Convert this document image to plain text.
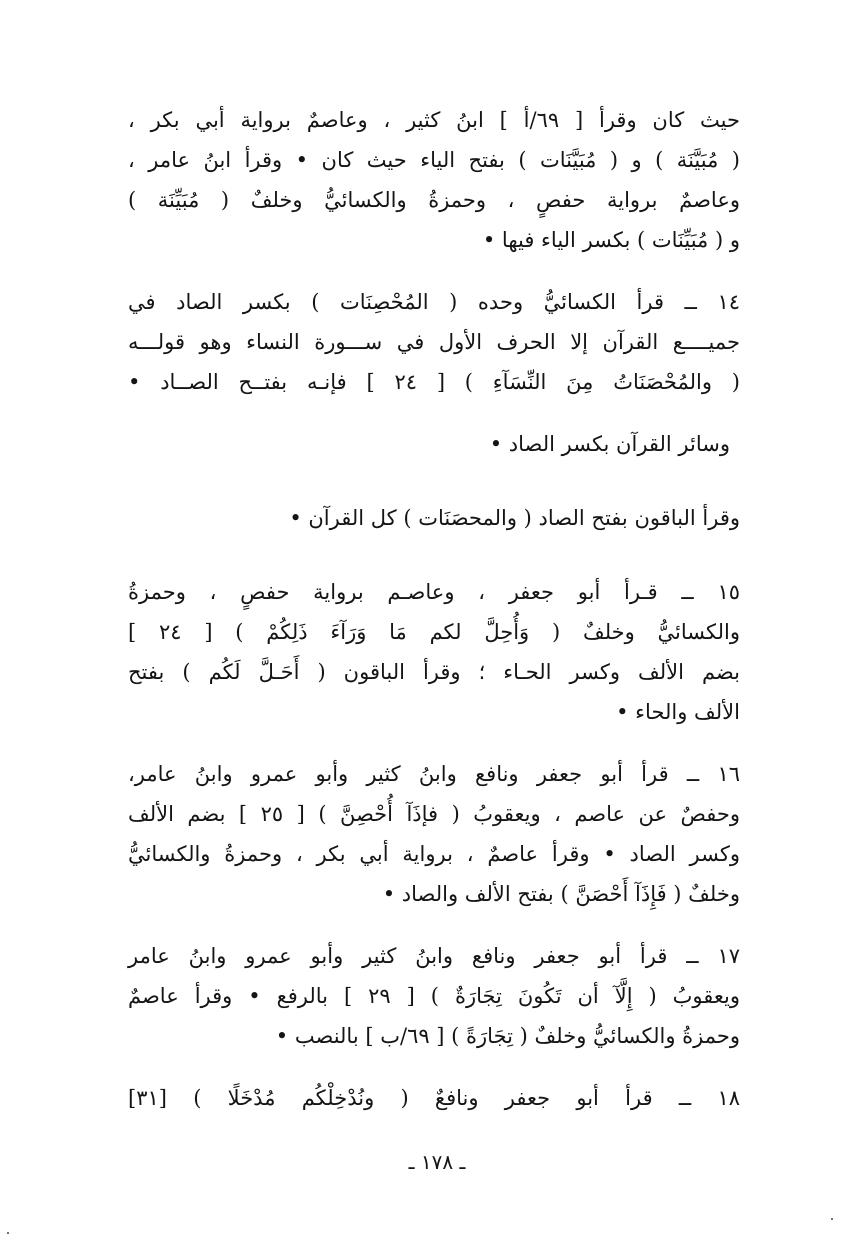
حيث كان وقرأ [ ٦٩/أ ] ابنُ كثير ، وعاصمٌ برواية أبي بكر ،
( مُبَيَّنَة ) و ( مُبَيَّنَات ) بفتح الياء حيث كان • وقرأ ابنُ عامر ،
وعاصمٌ برواية حفصٍ ، وحمزةُ والكسائيُّ وخلفٌ ( مُبَيِّنَة )
و ( مُبَيِّنَات ) بكسر الياء فيها •
١٤ ــ قرأ الكسائيُّ وحده ( المُحْصِنَات ) بكسر الصاد في
جميــــع القرآن إلا الحرف الأول في ســـورة النساء وهو قولـــه
( والمُحْصَنَاتُ مِنَ النِّسَآءِ ) [ ٢٤ ] فإنـه بفتــح الصــاد •
وسائر القرآن بكسر الصاد •
وقرأ الباقون بفتح الصاد ( والمحصَنَات ) كل القرآن •
١٥ ــ قـرأ أبو جعفر ، وعاصـم برواية حفصٍ ، وحمزةُ
والكسائيُّ وخلفٌ ( وَأُحِلَّ لكم مَا وَرَآءَ ذَلِكُمْ ) [ ٢٤ ]
بضم الألف وكسر الحـاء ؛ وقرأ الباقون ( أَحَـلَّ لَكُم ) بفتح
الألف والحاء •
١٦ ــ قرأ أبو جعفر ونافع وابنُ كثير وأبو عمرو وابنُ عامر،
وحفصٌ عن عاصم ، ويعقوبُ ( فإذَآ أُحْصِنَّ ) [ ٢٥ ] بضم الألف
وكسر الصاد • وقرأ عاصمٌ ، برواية أبي بكر ، وحمزةُ والكسائيُّ
وخلفٌ ( فَإِذَآ أَحْصَنَّ ) بفتح الألف والصاد •
١٧ ــ قرأ أبو جعفر ونافع وابنُ كثير وأبو عمرو وابنُ عامر
ويعقوبُ ( إِلَّآ أن تَكُونَ تِجَارَةٌ ) [ ٢٩ ] بالرفع • وقرأ عاصمٌ
وحمزةُ والكسائيُّ وخلفٌ ( تِجَارَةً ) [ ٦٩/ب ] بالنصب •
١٨ ــ قرأ أبو جعفر ونافعٌ ( ونُدْخِلْكُم مُدْخَلًا ) [٣١]
ـ ١٧٨ ـ
